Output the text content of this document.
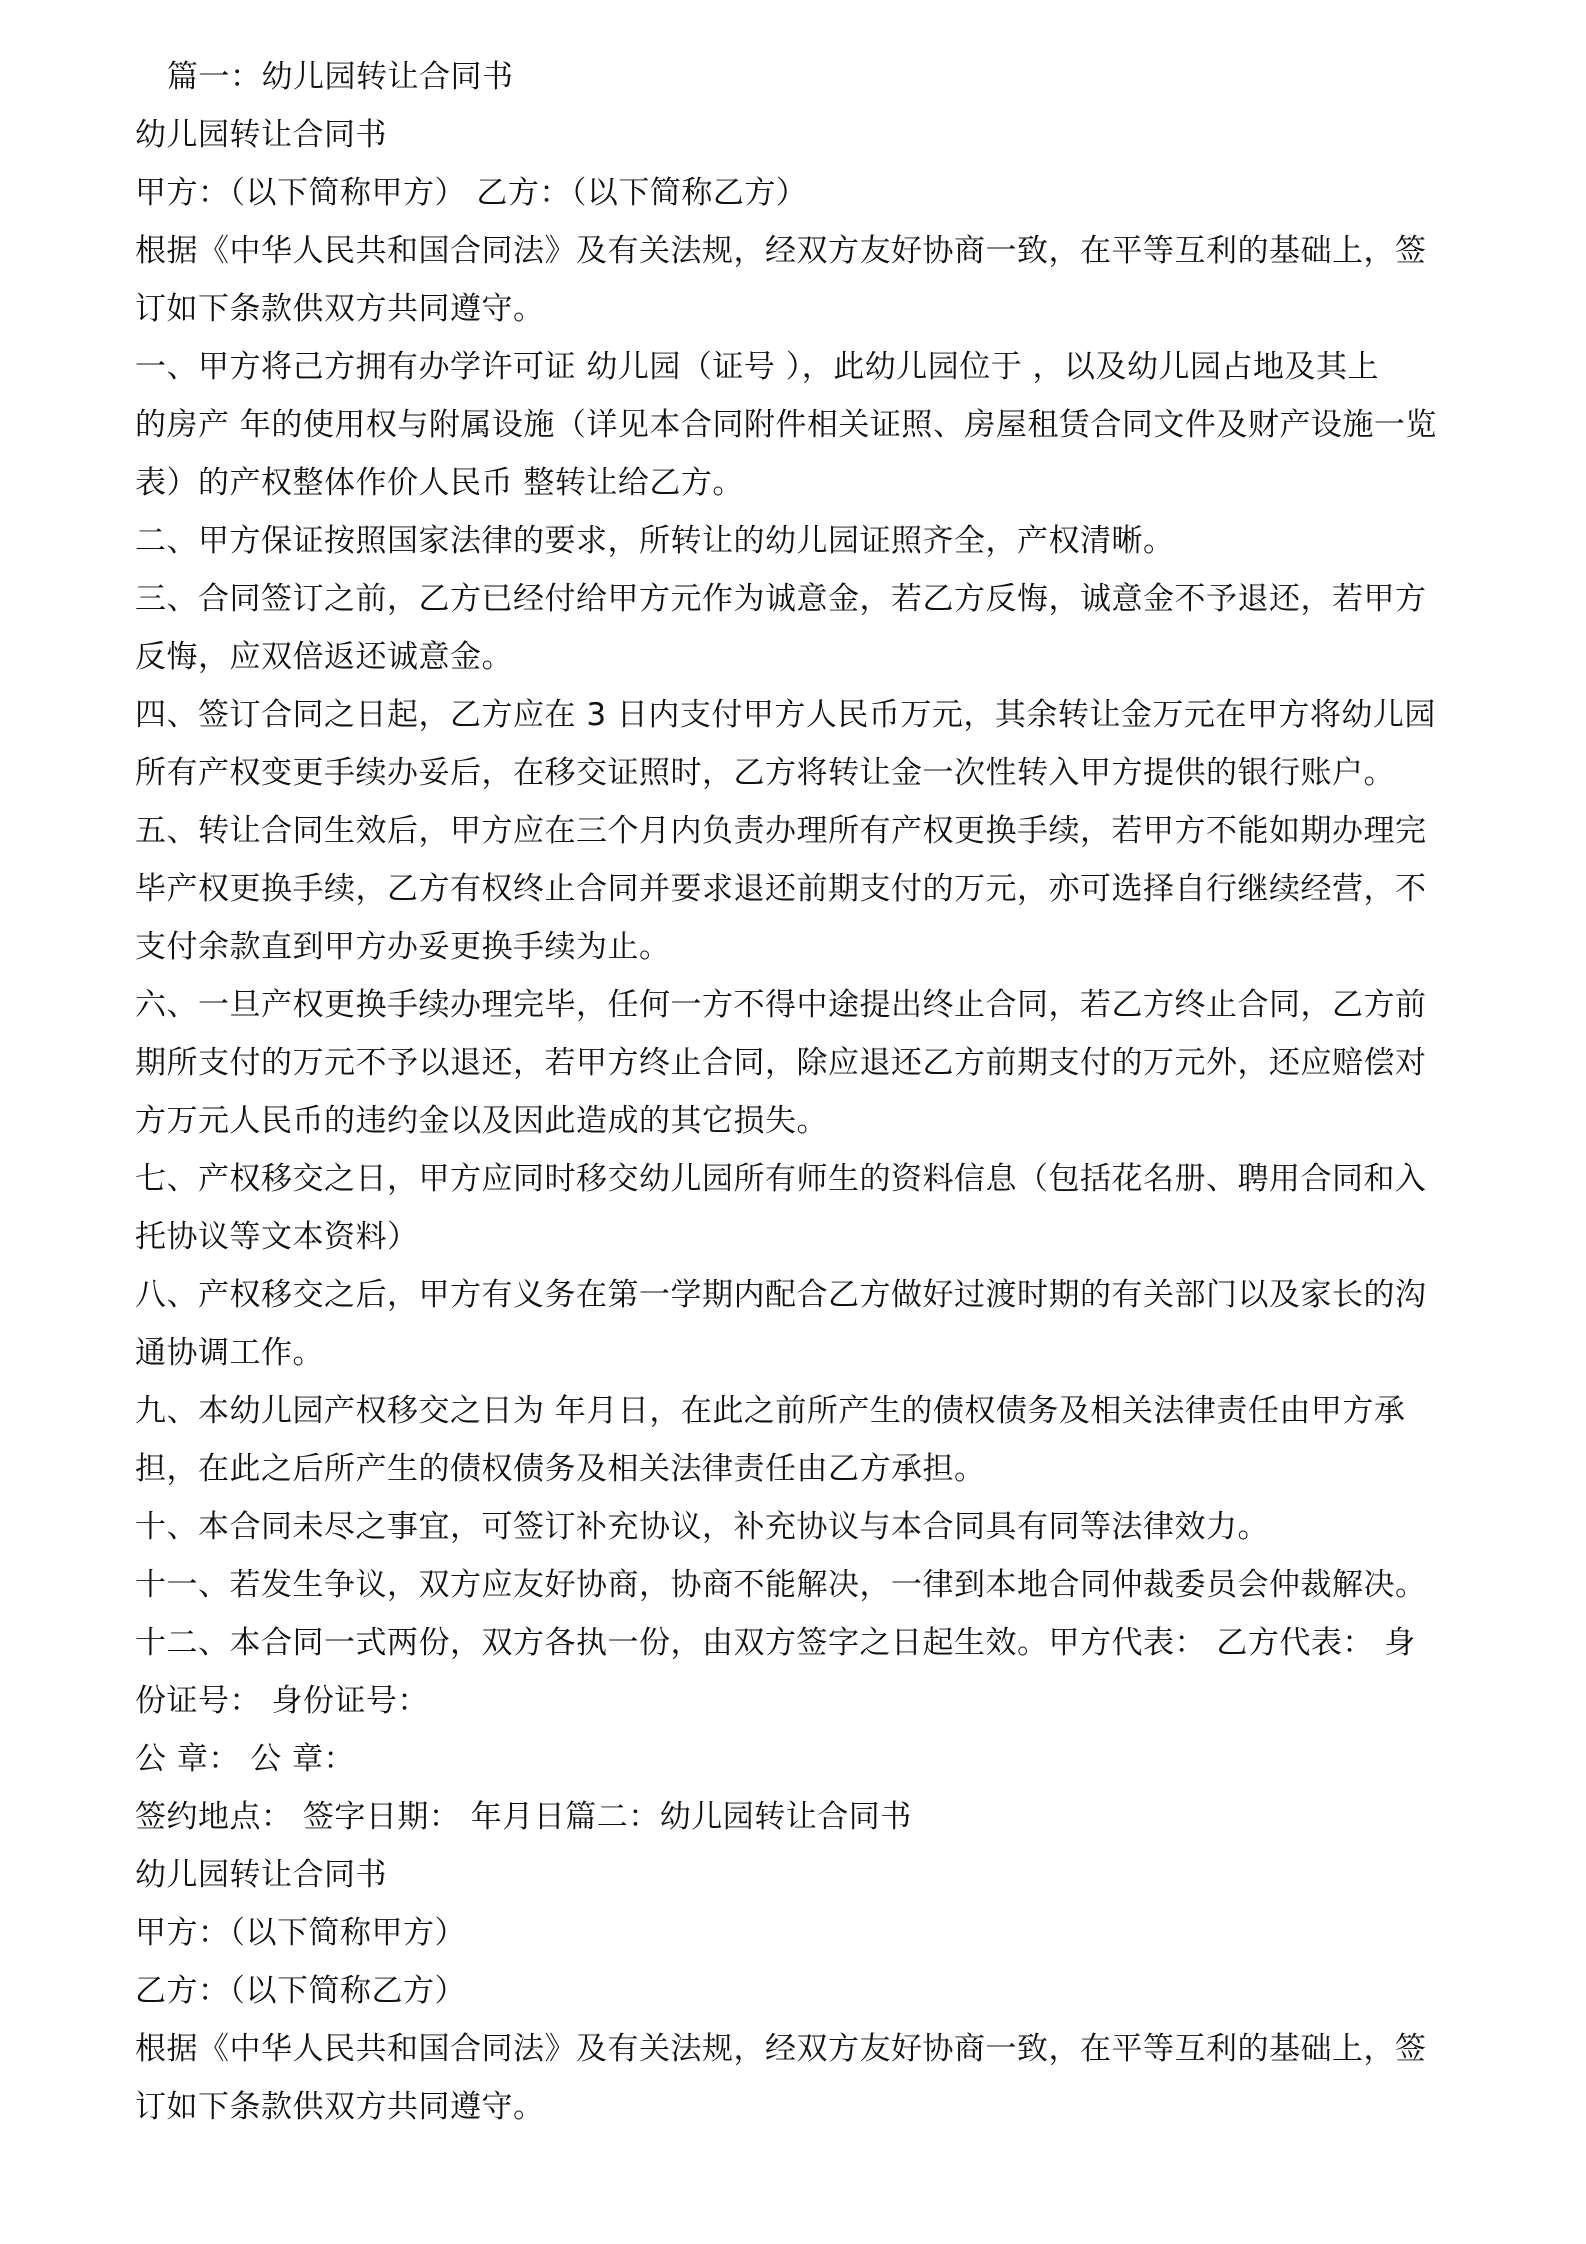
篇一：幼儿园转让合同书
幼儿园转让合同书
甲方：（以下简称甲方） 乙方：（以下简称乙方）
根据《中华人民共和国合同法》及有关法规，经双方友好协商一致，在平等互利的基础上，签
订如下条款供双方共同遵守。
一、甲方将己方拥有办学许可证 幼儿园（证号 ），此幼儿园位于 ，以及幼儿园占地及其上
的房产 年的使用权与附属设施（详见本合同附件相关证照、房屋租赁合同文件及财产设施一览
表）的产权整体作价人民币 整转让给乙方。
二、甲方保证按照国家法律的要求，所转让的幼儿园证照齐全，产权清晰。
三、合同签订之前，乙方已经付给甲方元作为诚意金，若乙方反悔，诚意金不予退还，若甲方
反悔，应双倍返还诚意金。
四、签订合同之日起，乙方应在 3 日内支付甲方人民币万元，其余转让金万元在甲方将幼儿园
所有产权变更手续办妥后，在移交证照时，乙方将转让金一次性转入甲方提供的银行账户。
五、转让合同生效后，甲方应在三个月内负责办理所有产权更换手续，若甲方不能如期办理完
毕产权更换手续，乙方有权终止合同并要求退还前期支付的万元，亦可选择自行继续经营，不
支付余款直到甲方办妥更换手续为止。
六、一旦产权更换手续办理完毕，任何一方不得中途提出终止合同，若乙方终止合同，乙方前
期所支付的万元不予以退还，若甲方终止合同，除应退还乙方前期支付的万元外，还应赔偿对
方万元人民币的违约金以及因此造成的其它损失。
七、产权移交之日，甲方应同时移交幼儿园所有师生的资料信息（包括花名册、聘用合同和入
托协议等文本资料）
八、产权移交之后，甲方有义务在第一学期内配合乙方做好过渡时期的有关部门以及家长的沟
通协调工作。
九、本幼儿园产权移交之日为 年月日，在此之前所产生的债权债务及相关法律责任由甲方承
担，在此之后所产生的债权债务及相关法律责任由乙方承担。
十、本合同未尽之事宜，可签订补充协议，补充协议与本合同具有同等法律效力。
十一、若发生争议，双方应友好协商，协商不能解决，一律到本地合同仲裁委员会仲裁解决。
十二、本合同一式两份，双方各执一份，由双方签字之日起生效。甲方代表： 乙方代表： 身
份证号： 身份证号：
公 章： 公 章：
签约地点： 签字日期： 年月日篇二：幼儿园转让合同书
幼儿园转让合同书
甲方：（以下简称甲方）
乙方：（以下简称乙方）
根据《中华人民共和国合同法》及有关法规，经双方友好协商一致，在平等互利的基础上，签
订如下条款供双方共同遵守。
